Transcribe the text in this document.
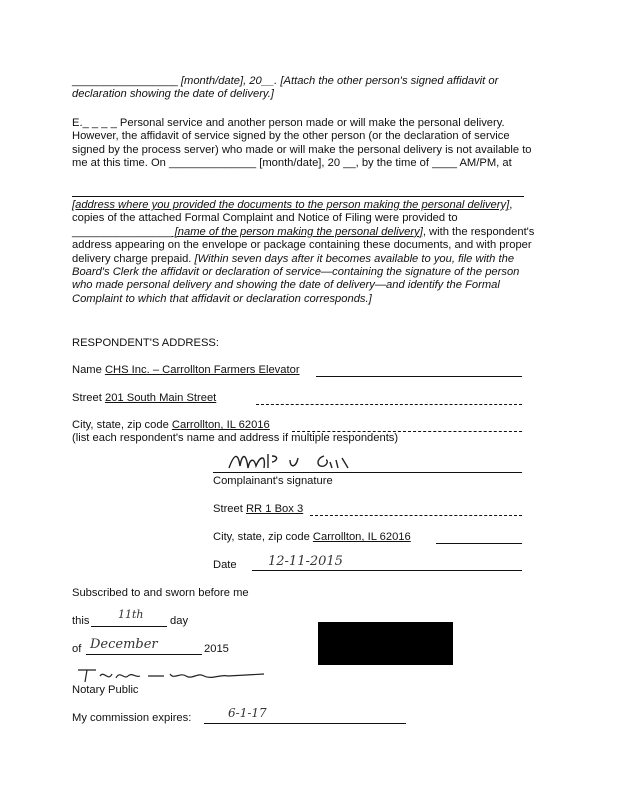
_________________ [month/date], 20__. [Attach the other person's signed affidavit or declaration showing the date of delivery.]
E._ _ _ _ Personal service and another person made or will make the personal delivery. However, the affidavit of service signed by the other person (or the declaration of service signed by the process server) who made or will make the personal delivery is not available to me at this time. On ______________ [month/date], 20 __, by the time of ____ AM/PM, at
[address where you provided the documents to the person making the personal delivery], copies of the attached Formal Complaint and Notice of Filing were provided to ________________ [name of the person making the personal delivery], with the respondent's address appearing on the envelope or package containing these documents, and with proper delivery charge prepaid. [Within seven days after it becomes available to you, file with the Board's Clerk the affidavit or declaration of service—containing the signature of the person who made personal delivery and showing the date of delivery—and identify the Formal Complaint to which that affidavit or declaration corresponds.]
RESPONDENT'S ADDRESS:
Name CHS Inc. – Carrollton Farmers Elevator
Street 201 South Main Street
City, state, zip code Carrollton, IL 62016
(list each respondent's name and address if multiple respondents)
Complainant's signature
Street RR 1 Box 3
City, state, zip code Carrollton, IL 62016
Date 12-11-2015
Subscribed to and sworn before me
this	11th day
of December	2015
Notary Public
My commission expires:	6-1-17
